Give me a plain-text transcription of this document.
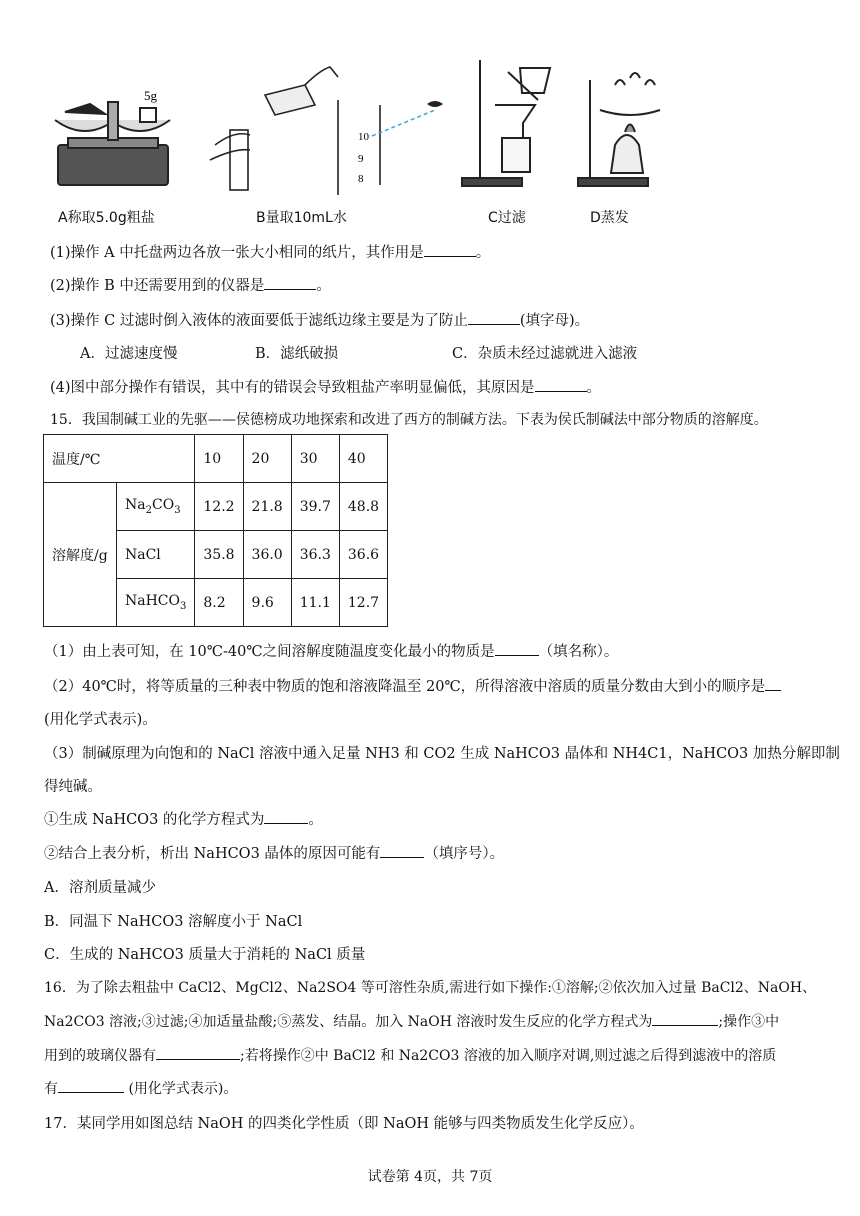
5g
10
9
8
A称取5.0g粗盐	B量取10mL水	C过滤	D蒸发
(1)操作 A 中托盘两边各放一张大小相同的纸片，其作用是	。
(2)操作 B 中还需要用到的仪器是	。
(3)操作 C 过滤时倒入液体的液面要低于滤纸边缘主要是为了防止	(填字母)。
A．过滤速度慢	B．滤纸破损	C．杂质未经过滤就进入滤液
(4)图中部分操作有错误，其中有的错误会导致粗盐产率明显偏低，其原因是	。
15．我国制碱工业的先驱——侯德榜成功地探索和改进了西方的制碱方法。下表为侯氏制碱法中部分物质的溶解度。
温度/℃		10	20	30	40
溶解度/g	$Na_2CO_3$	12.2	21.8	39.7	48.8
	NaCl	35.8	36.0	36.3	36.6
	NaHCO$_3$	8.2	9.6	11.1	12.7
（1）由上表可知，在 10℃-40℃之间溶解度随温度变化最小的物质是	（填名称）。
（2）40℃时，将等质量的三种表中物质的饱和溶液降温至 20℃，所得溶液中溶质的质量分数由大到小的顺序是
(用化学式表示)。
（3）制碱原理为向饱和的 NaCl 溶液中通入足量 NH3 和 CO2 生成 NaHCO3 晶体和 NH4C1，NaHCO3 加热分解即制
得纯碱。
①生成 NaHCO3 的化学方程式为	。
②结合上表分析，析出 NaHCO3 晶体的原因可能有	（填序号）。
A．溶剂质量减少
B．同温下 NaHCO3 溶解度小于 NaCl
C．生成的 NaHCO3 质量大于消耗的 NaCl 质量
16．为了除去粗盐中 CaCl2、MgCl2、Na2SO4 等可溶性杂质,需进行如下操作:①溶解;②依次加入过量 BaCl2、NaOH、
Na2CO3 溶液;③过滤;④加适量盐酸;⑤蒸发、结晶。加入 NaOH 溶液时发生反应的化学方程式为	;操作③中
用到的玻璃仪器有	;若将操作②中 BaCl2 和 Na2CO3 溶液的加入顺序对调,则过滤之后得到滤液中的溶质
有	(用化学式表示)。
17．某同学用如图总结 NaOH 的四类化学性质（即 NaOH 能够与四类物质发生化学反应）。
试卷第 4页，共 7页
